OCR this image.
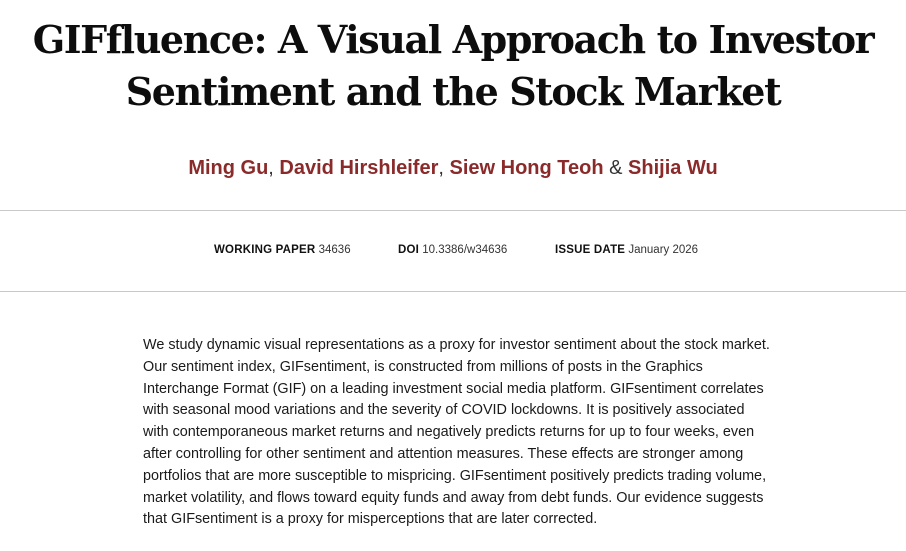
GIFfluence: A Visual Approach to Investor
Sentiment and the Stock Market
Ming Gu, David Hirshleifer, Siew Hong Teoh & Shijia Wu
WORKING PAPER 34636	DOI 10.3386/w34636	ISSUE DATE January 2026
We study dynamic visual representations as a proxy for investor sentiment about the stock market.
Our sentiment index, GIFsentiment, is constructed from millions of posts in the Graphics
Interchange Format (GIF) on a leading investment social media platform. GIFsentiment correlates
with seasonal mood variations and the severity of COVID lockdowns. It is positively associated
with contemporaneous market returns and negatively predicts returns for up to four weeks, even
after controlling for other sentiment and attention measures. These effects are stronger among
portfolios that are more susceptible to mispricing. GIFsentiment positively predicts trading volume,
market volatility, and flows toward equity funds and away from debt funds. Our evidence suggests
that GIFsentiment is a proxy for misperceptions that are later corrected.
